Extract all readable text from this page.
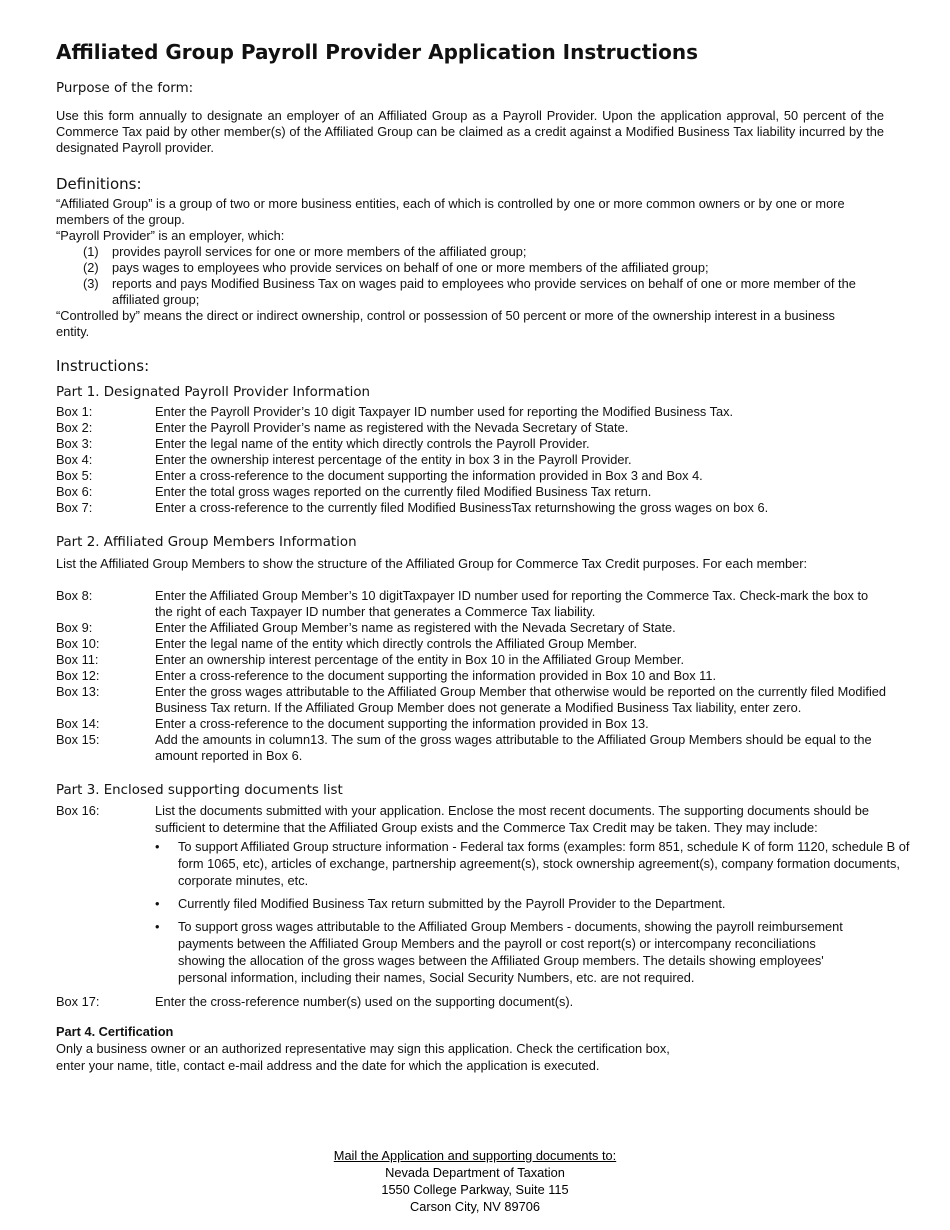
Affiliated Group Payroll Provider Application Instructions

Purpose of the form:

Use this form annually to designate an employer of an Affiliated Group as a Payroll Provider. Upon the application approval, 50 percent of the Commerce Tax paid by other member(s) of the Affiliated Group can be claimed as a credit against a Modified Business Tax liability incurred by the designated Payroll provider.

Definitions:

“Affiliated Group” is a group of two or more business entities, each of which is controlled by one or more common owners or by one or more members of the group.

“Payroll Provider” is an employer, which:

(1)	provides payroll services for one or more members of the affiliated group;
(2)	pays wages to employees who provide services on behalf of one or more members of the affiliated group;
(3)	reports and pays Modified Business Tax on wages paid to employees who provide services on behalf of one or more member of the affiliated group;

“Controlled by” means the direct or indirect ownership, control or possession of 50 percent or more of the ownership interest in a business entity.

Instructions:

Part 1. Designated Payroll Provider Information

Box 1:	Enter the Payroll Provider’s 10 digit Taxpayer ID number used for reporting the Modified Business Tax.
Box 2:	Enter the Payroll Provider’s name as registered with the Nevada Secretary of State.
Box 3:	Enter the legal name of the entity which directly controls the Payroll Provider.
Box 4:	Enter the ownership interest percentage of the entity in box 3 in the Payroll Provider.
Box 5:	Enter a cross-reference to the document supporting the information provided in Box 3 and Box 4.
Box 6:	Enter the total gross wages reported on the currently filed Modified Business Tax return.
Box 7:	Enter a cross-reference to the currently filed Modified BusinessTax returnshowing the gross wages on box 6.

Part 2. Affiliated Group Members Information

List the Affiliated Group Members to show the structure of the Affiliated Group for Commerce Tax Credit purposes. For each member:

Box 8:	Enter the Affiliated Group Member’s 10 digitTaxpayer ID number used for reporting the Commerce Tax. Check-mark the box to the right of each Taxpayer ID number that generates a Commerce Tax liability.
Box 9:	Enter the Affiliated Group Member’s name as registered with the Nevada Secretary of State.
Box 10:	Enter the legal name of the entity which directly controls the Affiliated Group Member.
Box 11:	Enter an ownership interest percentage of the entity in Box 10 in the Affiliated Group Member.
Box 12:	Enter a cross-reference to the document supporting the information provided in Box 10 and Box 11.
Box 13:	Enter the gross wages attributable to the Affiliated Group Member that otherwise would be reported on the currently filed Modified Business Tax return. If the Affiliated Group Member does not generate a Modified Business Tax liability, enter zero.
Box 14:	Enter a cross-reference to the document supporting the information provided in Box 13.
Box 15:	Add the amounts in column13. The sum of the gross wages attributable to the Affiliated Group Members should be equal to the amount reported in Box 6.

Part 3. Enclosed supporting documents list

Box 16:	List the documents submitted with your application. Enclose the most recent documents. The supporting documents should be sufficient to determine that the Affiliated Group exists and the Commerce Tax Credit may be taken. They may include:
•	To support Affiliated Group structure information - Federal tax forms (examples: form 851, schedule K of form 1120, schedule B of form 1065, etc), articles of exchange, partnership agreement(s), stock ownership agreement(s), company formation documents, corporate minutes, etc.
•	Currently filed Modified Business Tax return submitted by the Payroll Provider to the Department.
•	To support gross wages attributable to the Affiliated Group Members - documents, showing the payroll reimbursement payments between the Affiliated Group Members and the payroll or cost report(s) or intercompany reconciliations showing the allocation of the gross wages between the Affiliated Group members. The details showing employees' personal information, including their names, Social Security Numbers, etc. are not required.
Box 17:	Enter the cross-reference number(s) used on the supporting document(s).

Part 4. Certification

Only a business owner or an authorized representative may sign this application. Check the certification box, enter your name, title, contact e-mail address and the date for which the application is executed.

Mail the Application and supporting documents to:
Nevada Department of Taxation
1550 College Parkway, Suite 115
Carson City, NV 89706
